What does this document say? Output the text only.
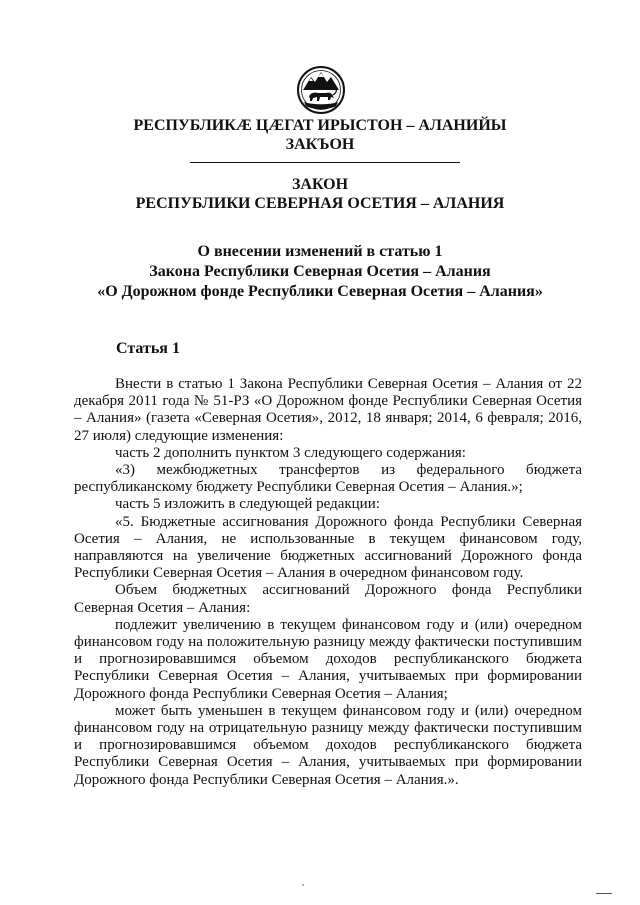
РЕСПУБЛИКӔ ЦӔГАТ ИРЫСТОН – АЛАНИЙЫ
ЗАКЪОН
ЗАКОН
РЕСПУБЛИКИ СЕВЕРНАЯ ОСЕТИЯ – АЛАНИЯ
О внесении изменений в статью 1
Закона Республики Северная Осетия – Алания
«О Дорожном фонде Республики Северная Осетия – Алания»
Статья 1

Внести в статью 1 Закона Республики Северная Осетия – Алания от 22 декабря 2011 года № 51-РЗ «О Дорожном фонде Республики Северная Осетия – Алания» (газета «Северная Осетия», 2012, 18 января; 2014, 6 февраля; 2016, 27 июля) следующие изменения:

часть 2 дополнить пунктом 3 следующего содержания:

«3) межбюджетных трансфертов из федерального бюджета республиканскому бюджету Республики Северная Осетия – Алания.»;

часть 5 изложить в следующей редакции:

«5. Бюджетные ассигнования Дорожного фонда Республики Северная Осетия – Алания, не использованные в текущем финансовом году, направляются на увеличение бюджетных ассигнований Дорожного фонда Республики Северная Осетия – Алания в очередном финансовом году.

Объем бюджетных ассигнований Дорожного фонда Республики Северная Осетия – Алания:

подлежит увеличению в текущем финансовом году и (или) очередном финансовом году на положительную разницу между фактически поступившим и прогнозировавшимся объемом доходов республиканского бюджета Республики Северная Осетия – Алания, учитываемых при формировании Дорожного фонда Республики Северная Осетия – Алания;

может быть уменьшен в текущем финансовом году и (или) очередном финансовом году на отрицательную разницу между фактически поступившим и прогнозировавшимся объемом доходов республиканского бюджета Республики Северная Осетия – Алания, учитываемых при формировании Дорожного фонда Республики Северная Осетия – Алания.».
